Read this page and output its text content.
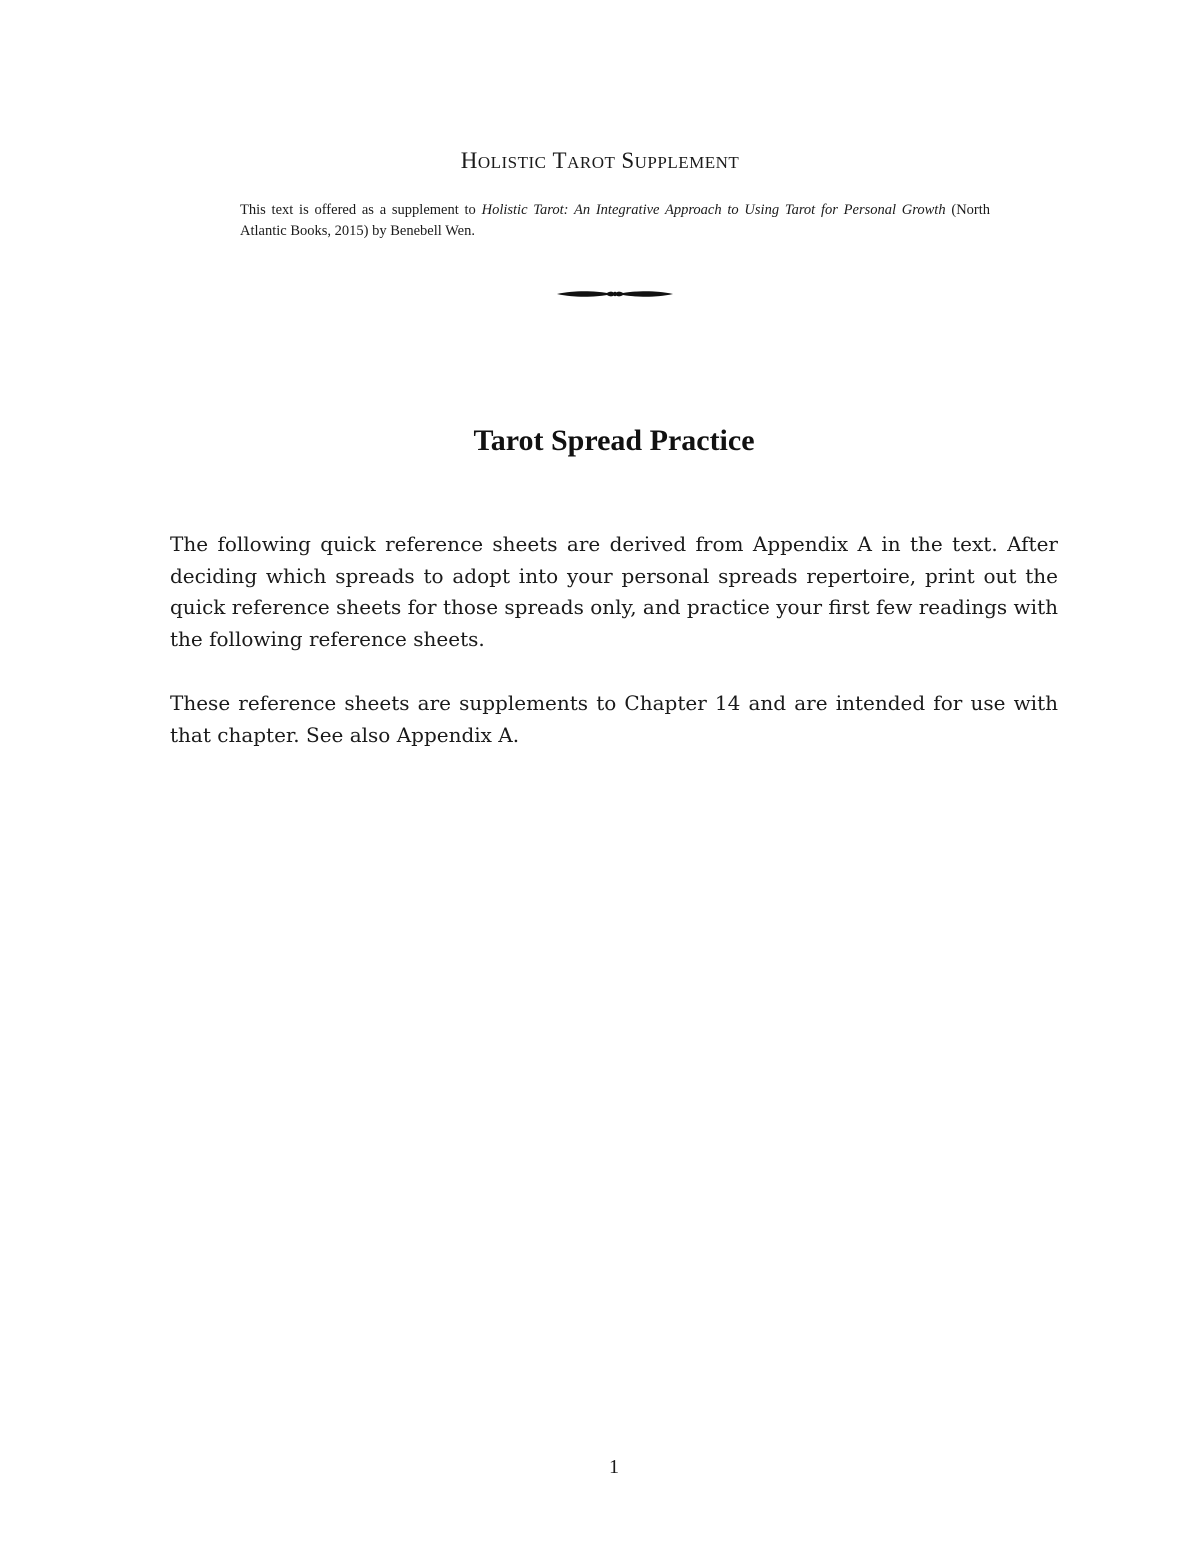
HOLISTIC TAROT SUPPLEMENT
This text is offered as a supplement to Holistic Tarot: An Integrative Approach to Using Tarot for Personal Growth (North Atlantic Books, 2015) by Benebell Wen.
Tarot Spread Practice

The following quick reference sheets are derived from Appendix A in the text. After deciding which spreads to adopt into your personal spreads repertoire, print out the quick reference sheets for those spreads only, and practice your first few readings with the following reference sheets.

These reference sheets are supplements to Chapter 14 and are intended for use with that chapter. See also Appendix A.

1
